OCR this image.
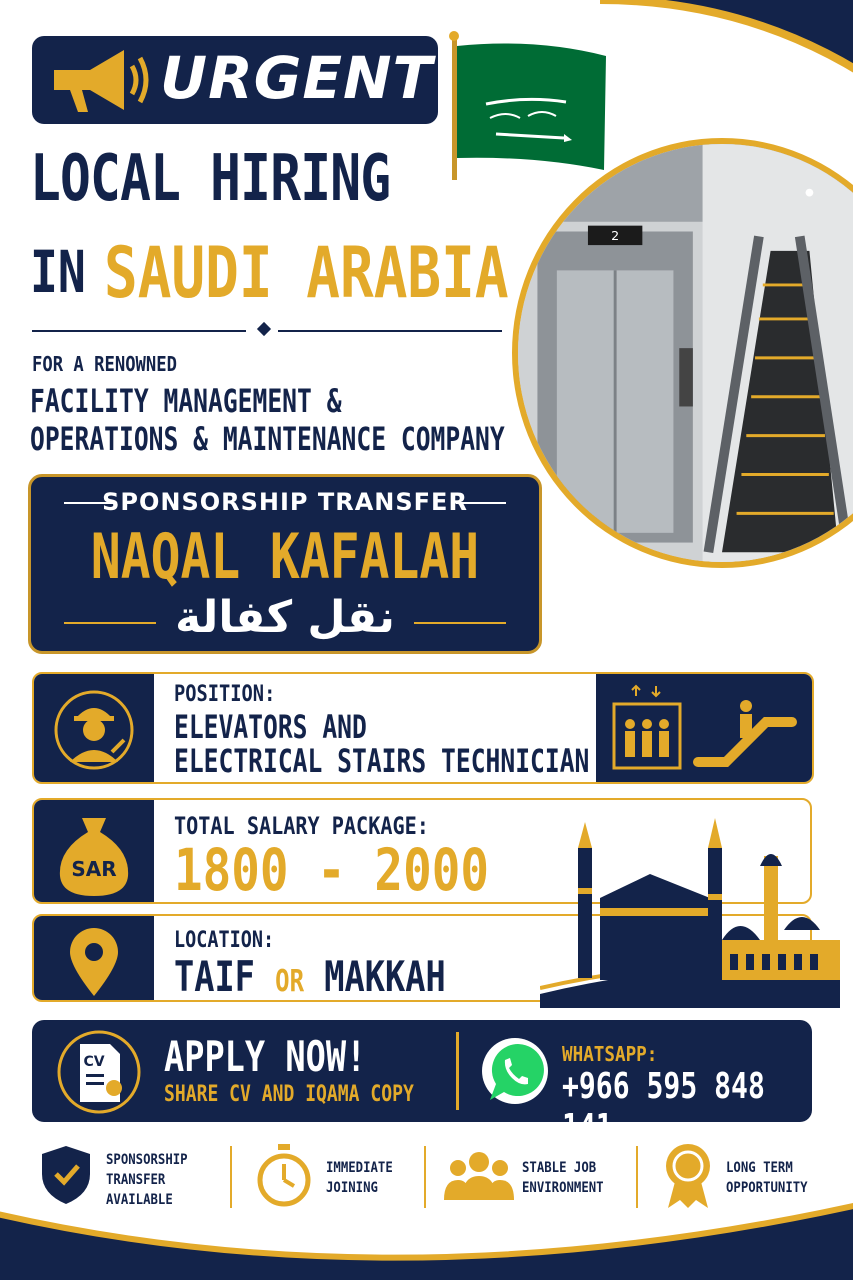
URGENT
LOCAL HIRING
IN SAUDI ARABIA
FOR A RENOWNED
FACILITY MANAGEMENT &
OPERATIONS & MAINTENANCE COMPANY
2
SPONSORSHIP TRANSFER
NAQAL KAFALAH
نقل كفالة
POSITION:
ELEVATORS AND
ELECTRICAL STAIRS TECHNICIAN
SAR
TOTAL SALARY PACKAGE:
1800 - 2000
LOCATION:
TAIF OR MAKKAH
CV APPLY NOW!
SHARE CV AND IQAMA COPY
WHATSAPP:
+966 595 848 141
SPONSORSHIP
TRANSFER
AVAILABLE
IMMEDIATE
JOINING
STABLE JOB
ENVIRONMENT
LONG TERM
OPPORTUNITY
